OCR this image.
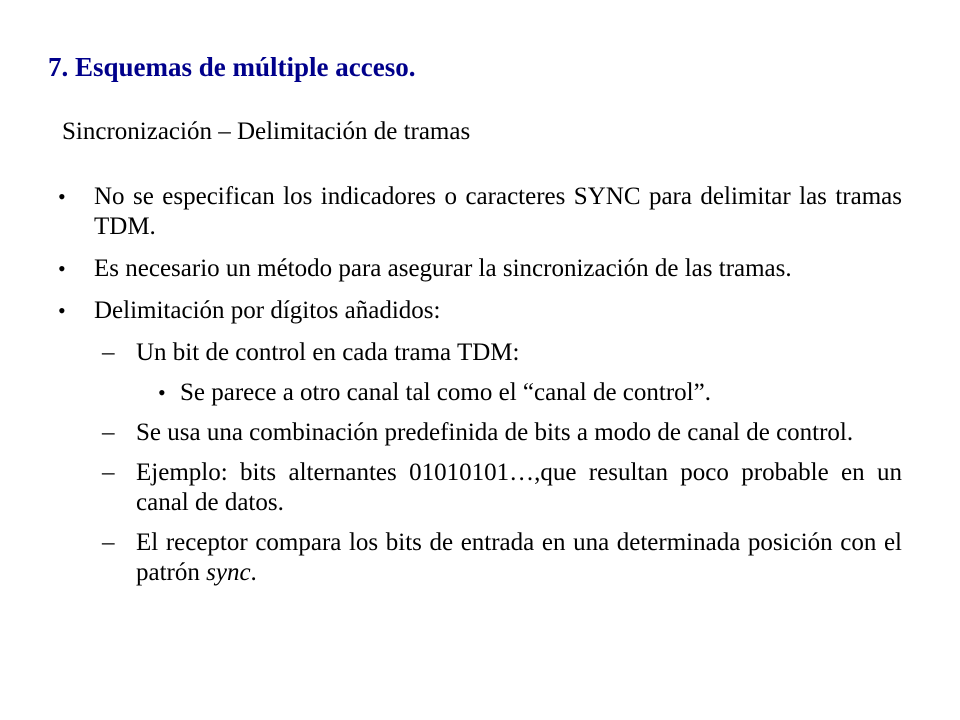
7. Esquemas de múltiple acceso.
Sincronización – Delimitación de tramas
• No se especifican los indicadores o caracteres SYNC para delimitar las tramas TDM.
• Es necesario un método para asegurar la sincronización de las tramas.
• Delimitación por dígitos añadidos:
– Un bit de control en cada trama TDM:
• Se parece a otro canal tal como el “canal de control”.
– Se usa una combinación predefinida de bits a modo de canal de control.
– Ejemplo: bits alternantes 01010101…,que resultan poco probable en un canal de datos.
– El receptor compara los bits de entrada en una determinada posición con el patrón sync.
